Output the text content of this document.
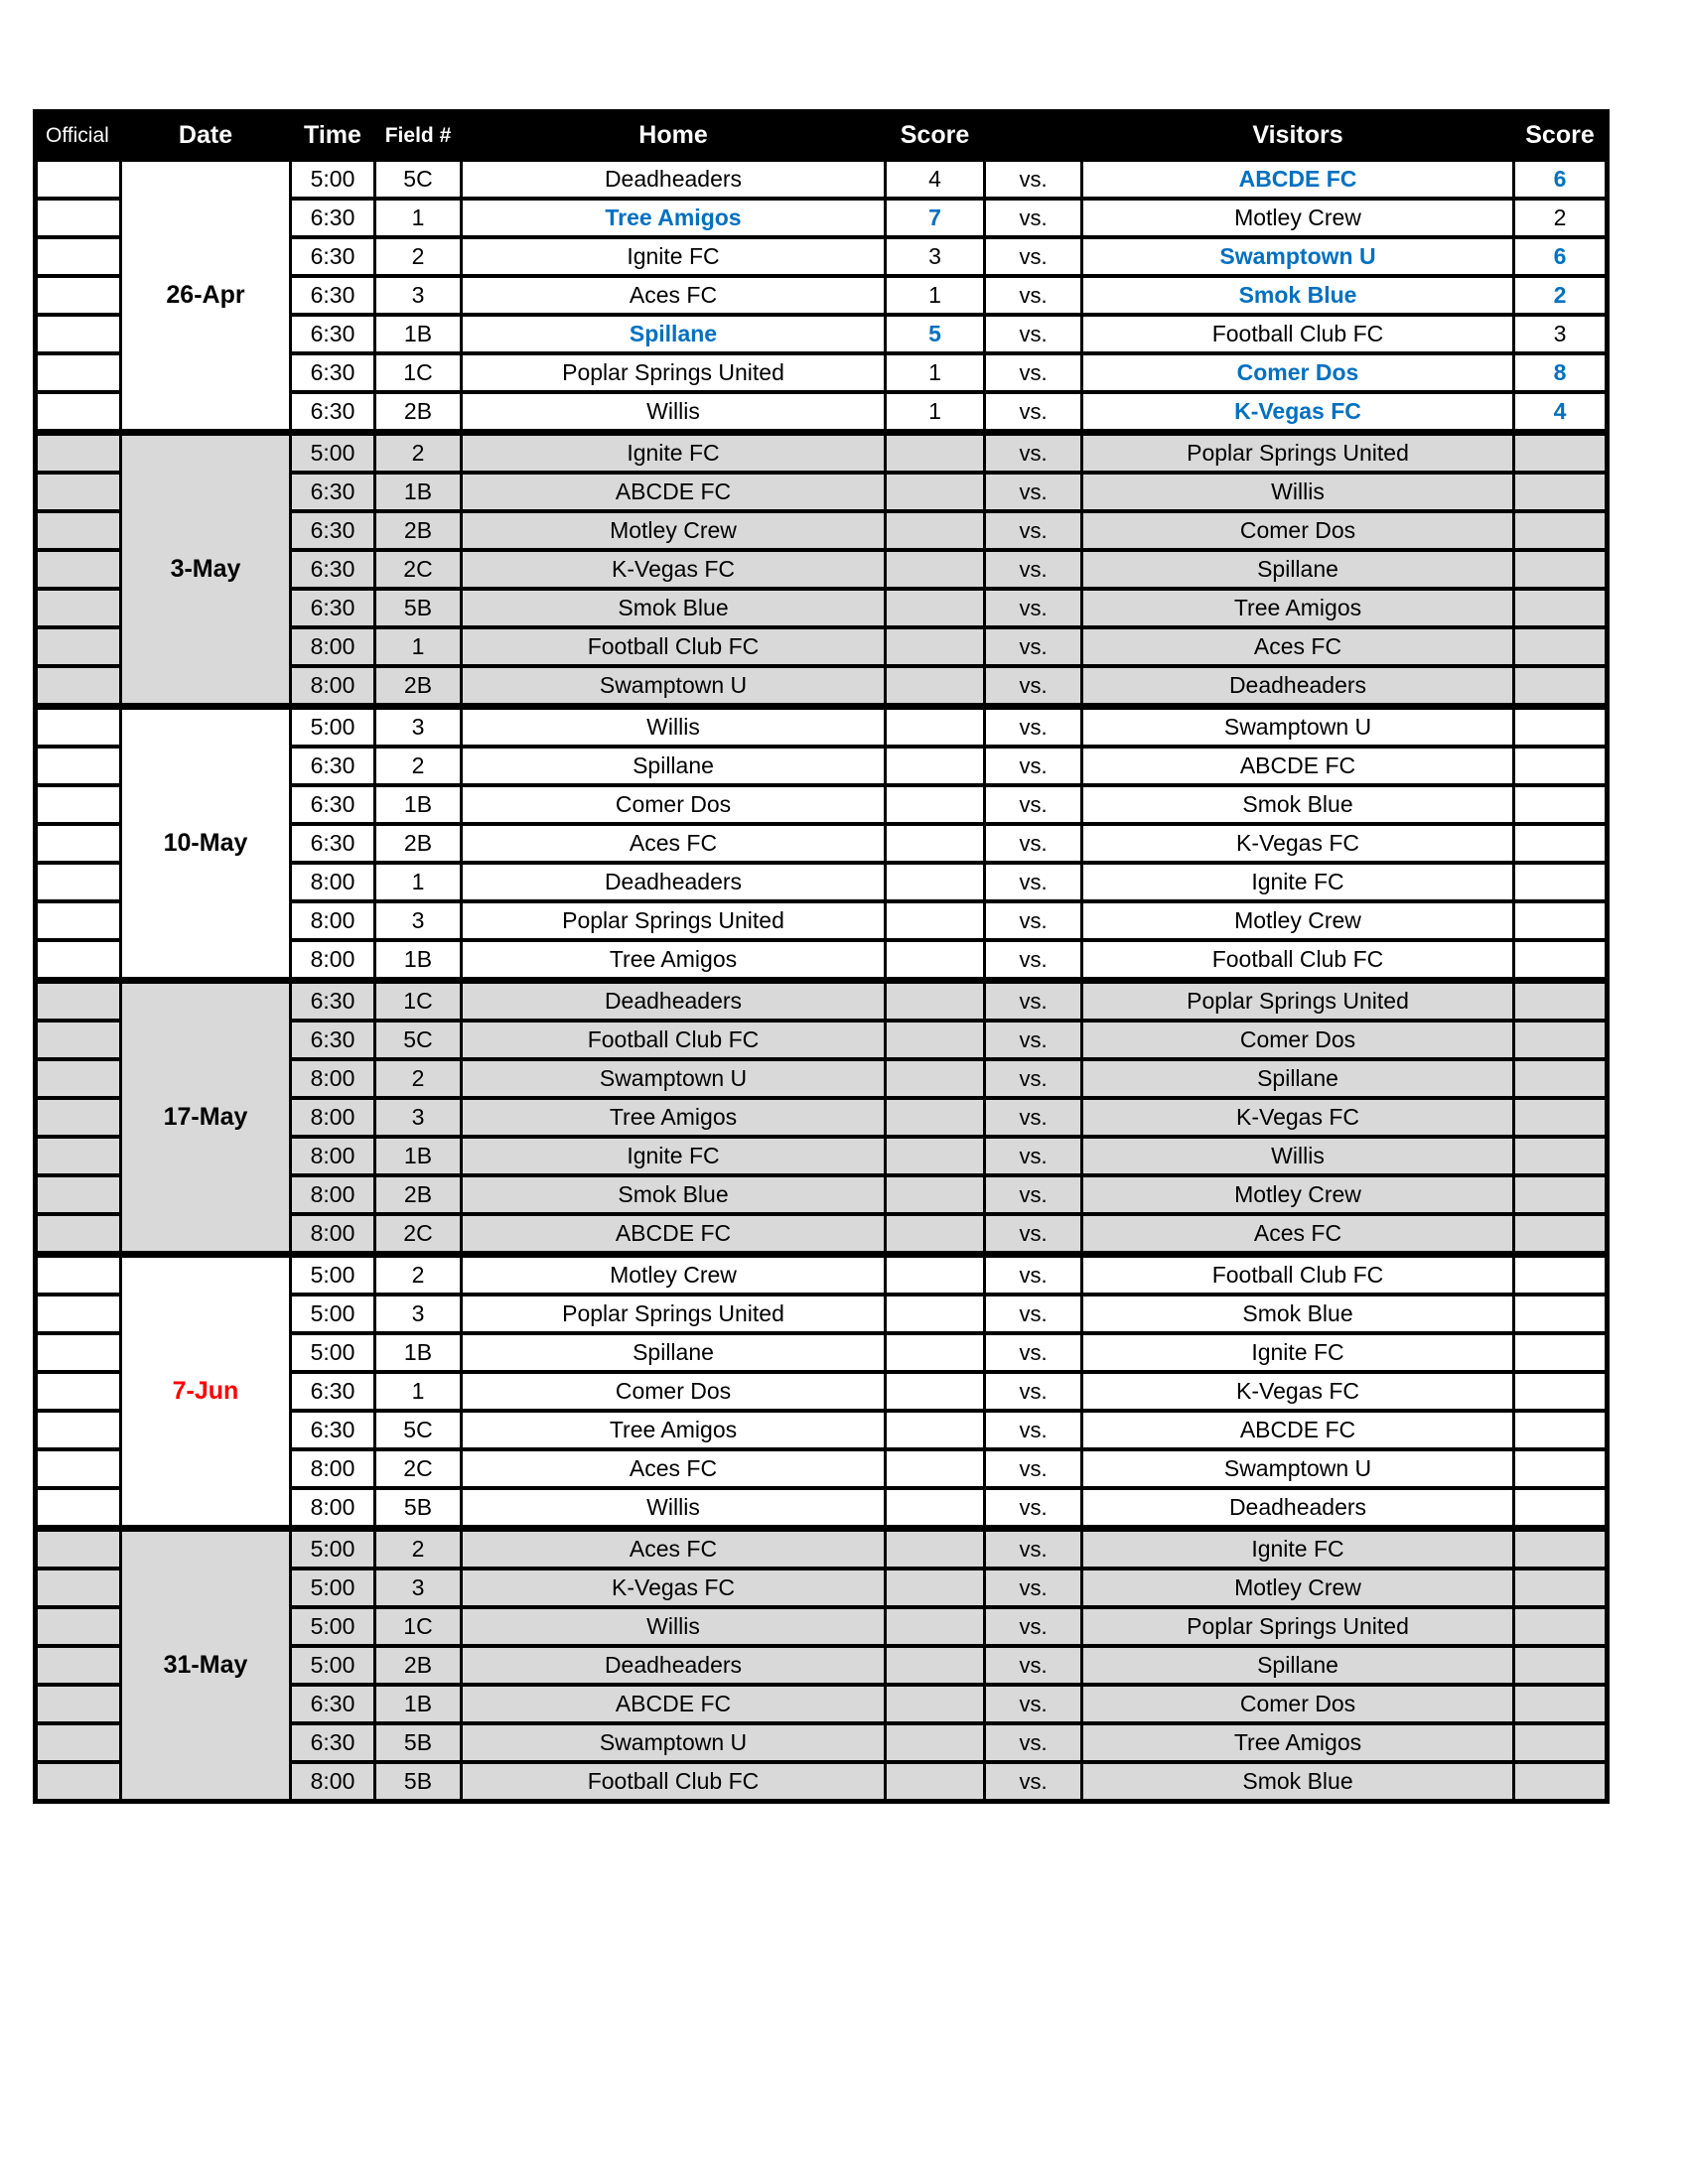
Official	Date	Time	Field #	Home	Score	Visitors	Score
26-Apr
5:00	5C	Deadheaders	4	vs.	ABCDE FC	6
6:30	1	Tree Amigos	7	vs.	Motley Crew	2
6:30	2	Ignite FC	3	vs.	Swamptown U	6
6:30	3	Aces FC	1	vs.	Smok Blue	2
6:30	1B	Spillane	5	vs.	Football Club FC	3
6:30	1C	Poplar Springs United	1	vs.	Comer Dos	8
6:30	2B	Willis	1	vs.	K-Vegas FC	4
3-May
5:00	2	Ignite FC	vs.	Poplar Springs United
6:30	1B	ABCDE FC	vs.	Willis
6:30	2B	Motley Crew	vs.	Comer Dos
6:30	2C	K-Vegas FC	vs.	Spillane
6:30	5B	Smok Blue	vs.	Tree Amigos
8:00	1	Football Club FC	vs.	Aces FC
8:00	2B	Swamptown U	vs.	Deadheaders
10-May
5:00	3	Willis	vs.	Swamptown U
6:30	2	Spillane	vs.	ABCDE FC
6:30	1B	Comer Dos	vs.	Smok Blue
6:30	2B	Aces FC	vs.	K-Vegas FC
8:00	1	Deadheaders	vs.	Ignite FC
8:00	3	Poplar Springs United	vs.	Motley Crew
8:00	1B	Tree Amigos	vs.	Football Club FC
17-May
6:30	1C	Deadheaders	vs.	Poplar Springs United
6:30	5C	Football Club FC	vs.	Comer Dos
8:00	2	Swamptown U	vs.	Spillane
8:00	3	Tree Amigos	vs.	K-Vegas FC
8:00	1B	Ignite FC	vs.	Willis
8:00	2B	Smok Blue	vs.	Motley Crew
8:00	2C	ABCDE FC	vs.	Aces FC
7-Jun
5:00	2	Motley Crew	vs.	Football Club FC
5:00	3	Poplar Springs United	vs.	Smok Blue
5:00	1B	Spillane	vs.	Ignite FC
6:30	1	Comer Dos	vs.	K-Vegas FC
6:30	5C	Tree Amigos	vs.	ABCDE FC
8:00	2C	Aces FC	vs.	Swamptown U
8:00	5B	Willis	vs.	Deadheaders
31-May
5:00	2	Aces FC	vs.	Ignite FC
5:00	3	K-Vegas FC	vs.	Motley Crew
5:00	1C	Willis	vs.	Poplar Springs United
5:00	2B	Deadheaders	vs.	Spillane
6:30	1B	ABCDE FC	vs.	Comer Dos
6:30	5B	Swamptown U	vs.	Tree Amigos
8:00	5B	Football Club FC	vs.	Smok Blue
